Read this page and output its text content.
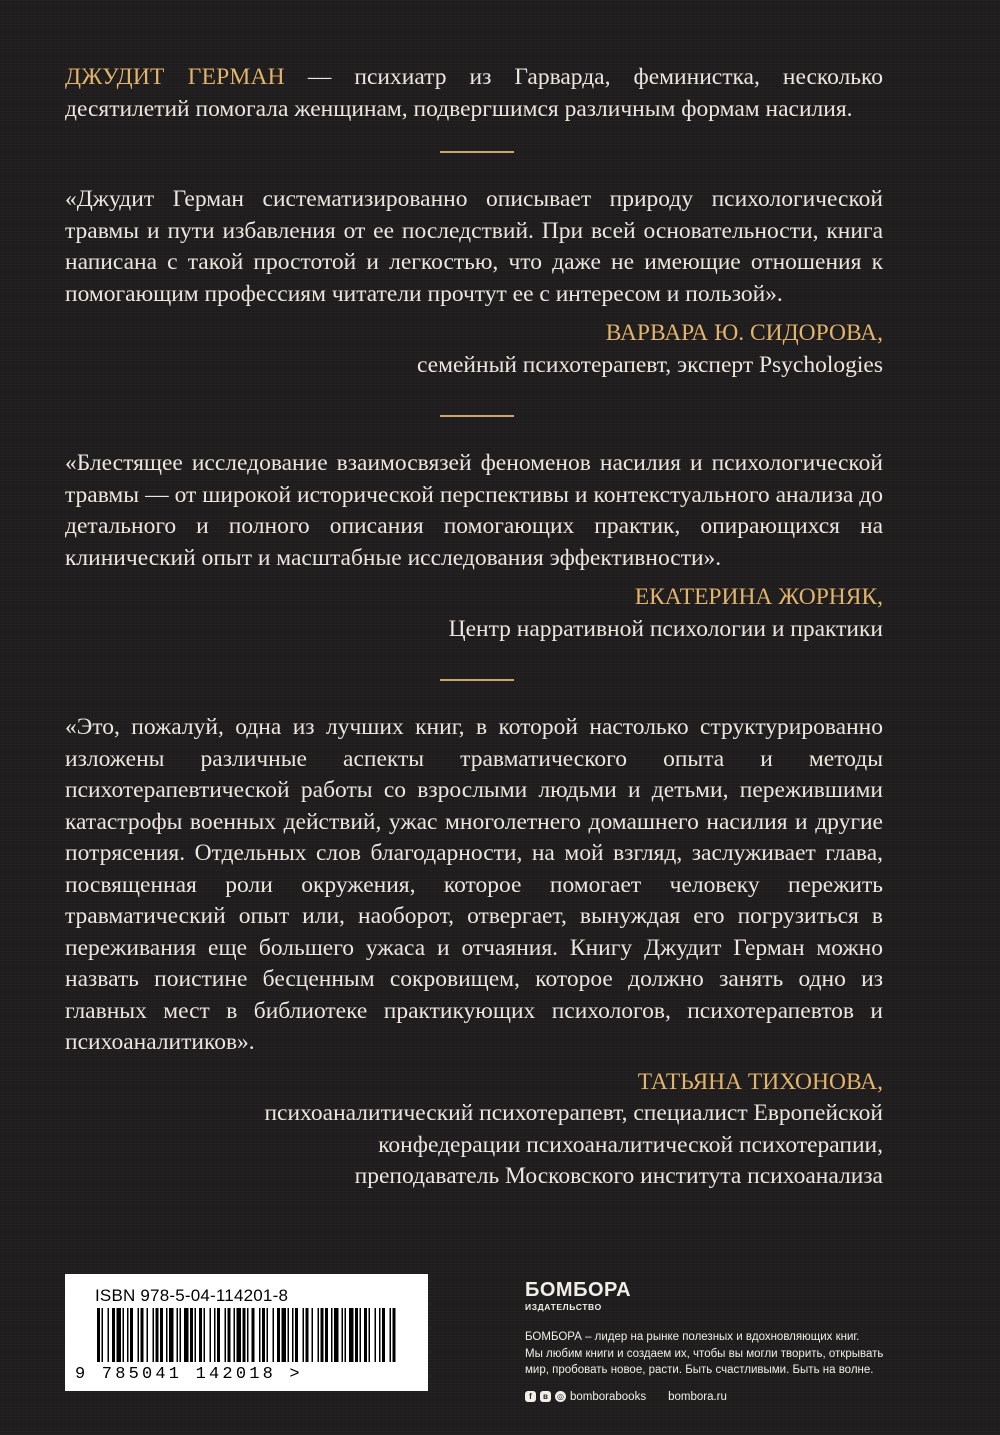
ДЖУДИТ ГЕРМАН — психиатр из Гарварда, феминистка, несколько десятилетий помогала женщинам, подвергшимся различным формам насилия.

«Джудит Герман систематизированно описывает природу психологической травмы и пути избавления от ее последствий. При всей основательности, книга написана с такой простотой и легкостью, что даже не имеющие отношения к помогающим профессиям читатели прочтут ее с интересом и пользой».

ВАРВАРА Ю. СИДОРОВА,
семейный психотерапевт, эксперт Psychologies

«Блестящее исследование взаимосвязей феноменов насилия и психологической травмы — от широкой исторической перспективы и контекстуального анализа до детального и полного описания помогающих практик, опирающихся на клинический опыт и масштабные исследования эффективности».

ЕКАТЕРИНА ЖОРНЯК,
Центр нарративной психологии и практики

«Это, пожалуй, одна из лучших книг, в которой настолько структурированно изложены различные аспекты травматического опыта и методы психотерапевтической работы со взрослыми людьми и детьми, пережившими катастрофы военных действий, ужас многолетнего домашнего насилия и другие потрясения. Отдельных слов благодарности, на мой взгляд, заслуживает глава, посвященная роли окружения, которое помогает человеку пережить травматический опыт или, наоборот, отвергает, вынуждая его погрузиться в переживания еще большего ужаса и отчаяния. Книгу Джудит Герман можно назвать поистине бесценным сокровищем, которое должно занять одно из главных мест в библиотеке практикующих психологов, психотерапевтов и психоаналитиков».

ТАТЬЯНА ТИХОНОВА,
психоаналитический психотерапевт, специалист Европейской
конфедерации психоаналитической психотерапии,
преподаватель Московского института психоанализа
ISBN 978-5-04-114201-8
9 785041 142018 >
БОМБОРА
ИЗДАТЕЛЬСТВО
БОМБОРА – лидер на рынке полезных и вдохновляющих книг.
Мы любим книги и создаем их, чтобы вы могли творить, открывать
мир, пробовать новое, расти. Быть счастливыми. Быть на волне.
f	в	◎ bomborabooks bombora.ru
